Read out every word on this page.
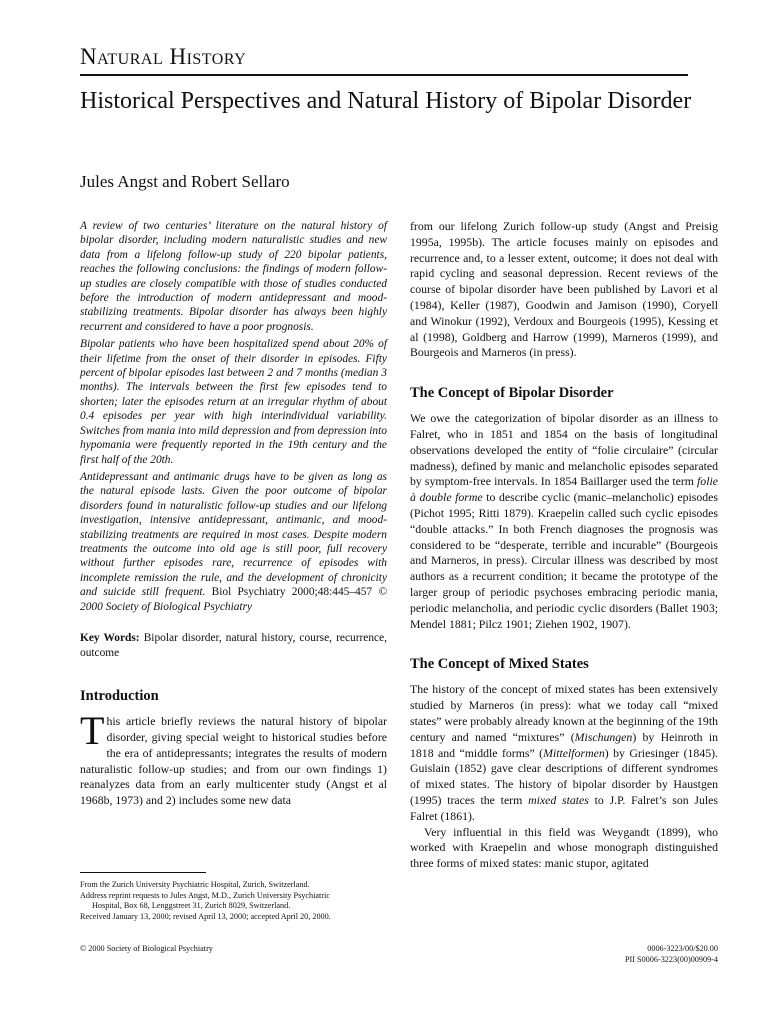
Natural History
Historical Perspectives and Natural History of Bipolar Disorder
Jules Angst and Robert Sellaro

A review of two centuries’ literature on the natural history of bipolar disorder, including modern naturalistic studies and new data from a lifelong follow-up study of 220 bipolar patients, reaches the following conclusions: the findings of modern follow-up studies are closely compatible with those of studies conducted before the introduction of modern antidepressant and mood-stabilizing treatments. Bipolar disorder has always been highly recurrent and considered to have a poor prognosis.

Bipolar patients who have been hospitalized spend about 20% of their lifetime from the onset of their disorder in episodes. Fifty percent of bipolar episodes last between 2 and 7 months (median 3 months). The intervals between the first few episodes tend to shorten; later the episodes return at an irregular rhythm of about 0.4 episodes per year with high interindividual variability. Switches from mania into mild depression and from depression into hypomania were frequently reported in the 19th century and the first half of the 20th.

Antidepressant and antimanic drugs have to be given as long as the natural episode lasts. Given the poor outcome of bipolar disorders found in naturalistic follow-up studies and our lifelong investigation, intensive antidepressant, antimanic, and mood-stabilizing treatments are required in most cases. Despite modern treatments the outcome into old age is still poor, full recovery without further episodes rare, recurrence of episodes with incomplete remission the rule, and the development of chronicity and suicide still frequent. Biol Psychiatry 2000;48:445–457 © 2000 Society of Biological Psychiatry

Key Words: Bipolar disorder, natural history, course, recurrence, outcome

Introduction

This article briefly reviews the natural history of bipolar disorder, giving special weight to historical studies before the era of antidepressants; integrates the results of modern naturalistic follow-up studies; and from our own findings 1) reanalyzes data from an early multicenter study (Angst et al 1968b, 1973) and 2) includes some new data

from our lifelong Zurich follow-up study (Angst and Preisig 1995a, 1995b). The article focuses mainly on episodes and recurrence and, to a lesser extent, outcome; it does not deal with rapid cycling and seasonal depression. Recent reviews of the course of bipolar disorder have been published by Lavori et al (1984), Keller (1987), Goodwin and Jamison (1990), Coryell and Winokur (1992), Verdoux and Bourgeois (1995), Kessing et al (1998), Goldberg and Harrow (1999), Marneros (1999), and Bourgeois and Marneros (in press).

The Concept of Bipolar Disorder

We owe the categorization of bipolar disorder as an illness to Falret, who in 1851 and 1854 on the basis of longitudinal observations developed the entity of “folie circulaire” (circular madness), defined by manic and melancholic episodes separated by symptom-free intervals. In 1854 Baillarger used the term folie à double forme to describe cyclic (manic–melancholic) episodes (Pichot 1995; Ritti 1879). Kraepelin called such cyclic episodes “double attacks.” In both French diagnoses the prognosis was considered to be “desperate, terrible and incurable” (Bourgeois and Marneros, in press). Circular illness was described by most authors as a recurrent condition; it became the prototype of the larger group of periodic psychoses embracing periodic mania, periodic melancholia, and periodic cyclic disorders (Ballet 1903; Mendel 1881; Pilcz 1901; Ziehen 1902, 1907).

The Concept of Mixed States

The history of the concept of mixed states has been extensively studied by Marneros (in press): what we today call “mixed states” were probably already known at the beginning of the 19th century and named “mixtures” (Mischungen) by Heinroth in 1818 and “middle forms” (Mittelformen) by Griesinger (1845). Guislain (1852) gave clear descriptions of different syndromes of mixed states. The history of bipolar disorder by Haustgen (1995) traces the term mixed states to J.P. Falret’s son Jules Falret (1861).

Very influential in this field was Weygandt (1899), who worked with Kraepelin and whose monograph distinguished three forms of mixed states: manic stupor, agitated

From the Zurich University Psychiatric Hospital, Zurich, Switzerland.
Address reprint requests to Jules Angst, M.D., Zurich University Psychiatric
Hospital, Box 68, Lenggstreet 31, Zurich 8029, Switzerland.
Received January 13, 2000; revised April 13, 2000; accepted April 20, 2000.
© 2000 Society of Biological Psychiatry	0006-3223/00/$20.00
PII S0006-3223(00)00909-4
